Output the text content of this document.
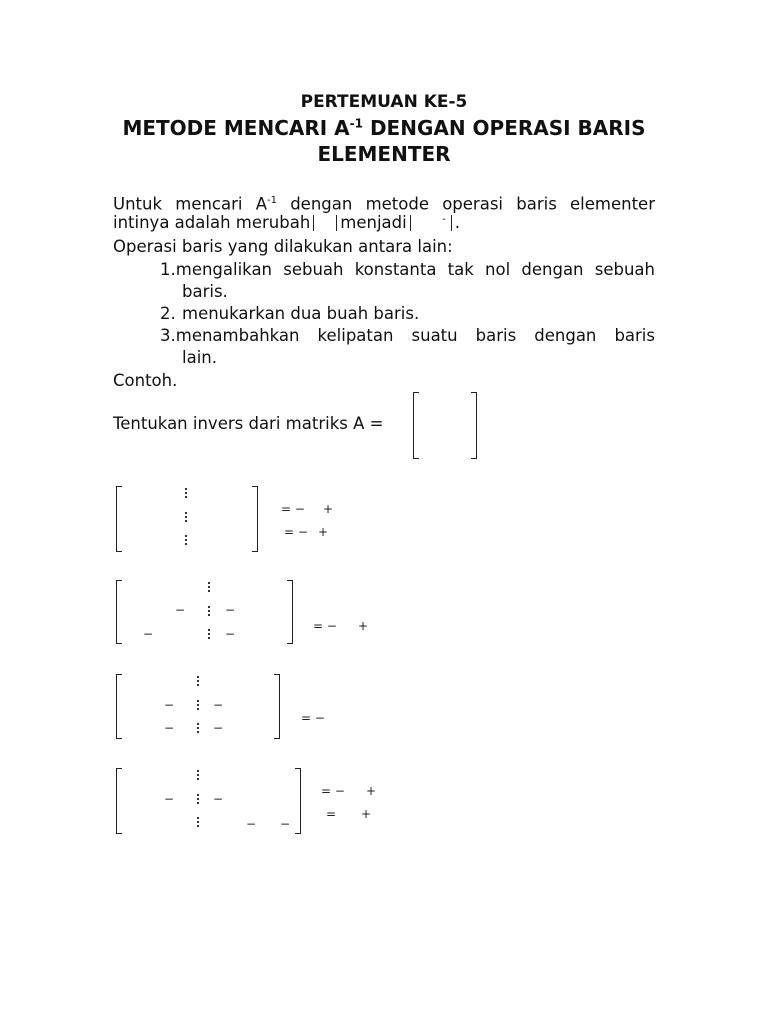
PERTEMUAN KE-5
METODE MENCARI $A^{-1}$ DENGAN OPERASI BARIS
ELEMENTER
Untuk mencari $A^{-1}$ dengan metode operasi baris elementer
intinya adalah merubah menjadi-	.
Operasi baris yang dilakukan antara lain:
1.mengalikan sebuah konstanta tak nol dengan sebuah
baris.
2. menukarkan dua buah baris.
3.menambahkan kelipatan suatu baris dengan baris
lain.
Contoh.
Tentukan invers dari matriks A =
= − +
= − +
−	−
−	−
= − +
−	−
−	−
= −
−	−
− −
= − +
= +
